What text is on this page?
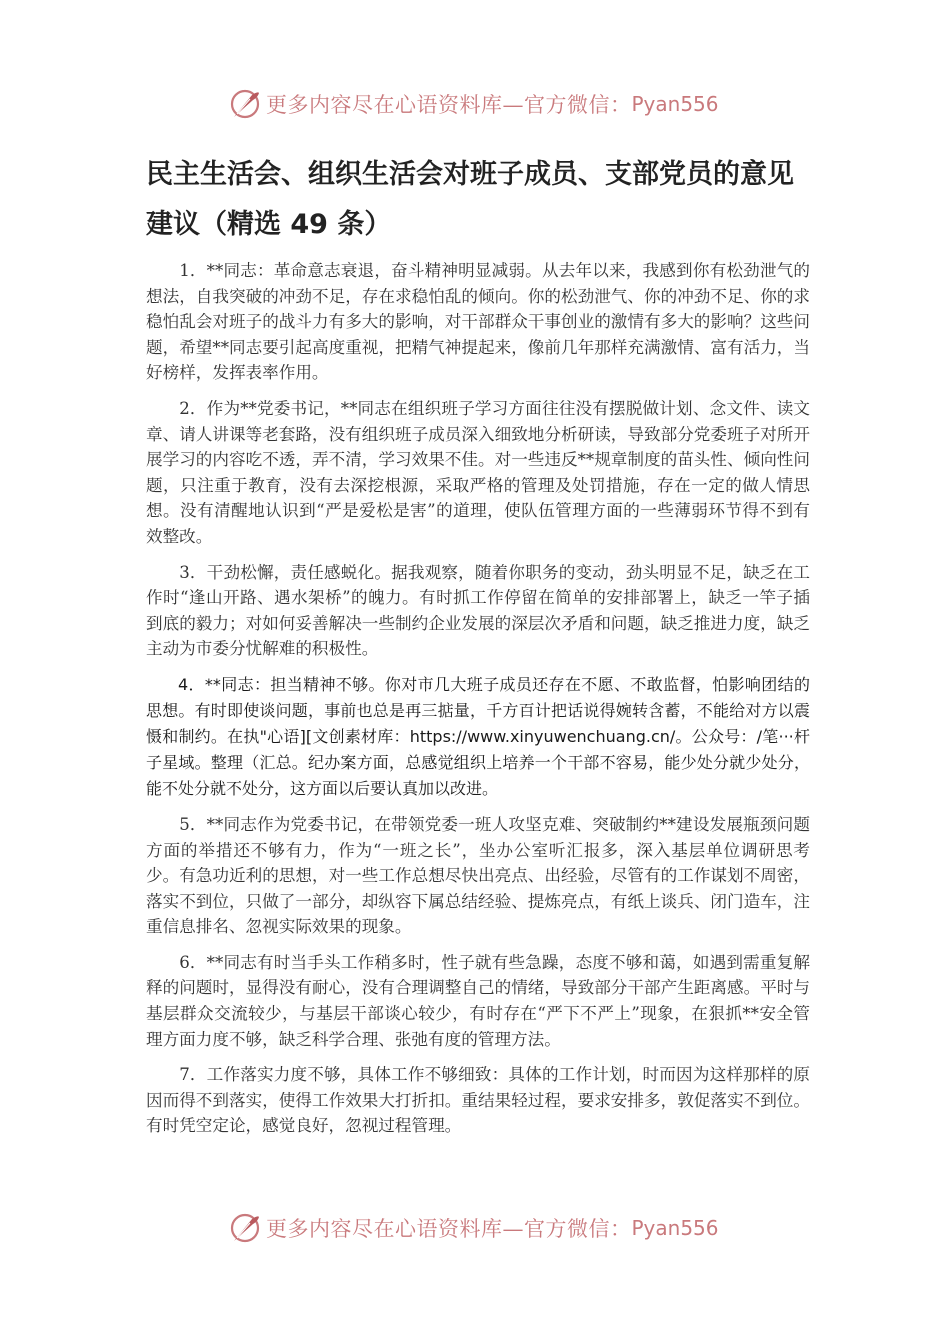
更多内容尽在心语资料库—官方微信： Pyan556
民主生活会、组织生活会对班子成员、支部党员的意见建议（精选 49 条）

1．**同志：革命意志衰退，奋斗精神明显减弱。从去年以来，我感到你有松劲泄气的想法，自我突破的冲劲不足，存在求稳怕乱的倾向。你的松劲泄气、你的冲劲不足、你的求稳怕乱会对班子的战斗力有多大的影响，对干部群众干事创业的激情有多大的影响？这些问题，希望**同志要引起高度重视，把精气神提起来，像前几年那样充满激情、富有活力，当好榜样，发挥表率作用。

2．作为**党委书记，**同志在组织班子学习方面往往没有摆脱做计划、念文件、读文章、请人讲课等老套路，没有组织班子成员深入细致地分析研读，导致部分党委班子对所开展学习的内容吃不透，弄不清，学习效果不佳。对一些违反**规章制度的苗头性、倾向性问题，只注重于教育，没有去深挖根源，采取严格的管理及处罚措施，存在一定的做人情思想。没有清醒地认识到“严是爱松是害”的道理，使队伍管理方面的一些薄弱环节得不到有效整改。

3．干劲松懈，责任感蜕化。据我观察，随着你职务的变动，劲头明显不足，缺乏在工作时“逢山开路、遇水架桥”的魄力。有时抓工作停留在简单的安排部署上，缺乏一竿子插到底的毅力；对如何妥善解决一些制约企业发展的深层次矛盾和问题，缺乏推进力度，缺乏主动为市委分忧解难的积极性。

4．**同志：担当精神不够。你对市几大班子成员还存在不愿、不敢监督，怕影响团结的思想。有时即使谈问题，事前也总是再三掂量，千方百计把话说得婉转含蓄，不能给对方以震慑和制约。在执"心语][文创素材库：https://www.xinyuwenchuang.cn/。公众号：/笔···杆子星域。整理（汇总。纪办案方面，总感觉组织上培养一个干部不容易，能少处分就少处分，能不处分就不处分，这方面以后要认真加以改进。

5．**同志作为党委书记，在带领党委一班人攻坚克难、突破制约**建设发展瓶颈问题方面的举措还不够有力，作为“一班之长”，坐办公室听汇报多，深入基层单位调研思考少。有急功近利的思想，对一些工作总想尽快出亮点、出经验，尽管有的工作谋划不周密，落实不到位，只做了一部分，却纵容下属总结经验、提炼亮点，有纸上谈兵、闭门造车，注重信息排名、忽视实际效果的现象。

6．**同志有时当手头工作稍多时，性子就有些急躁，态度不够和蔼，如遇到需重复解释的问题时，显得没有耐心，没有合理调整自己的情绪，导致部分干部产生距离感。平时与基层群众交流较少，与基层干部谈心较少，有时存在“严下不严上”现象，在狠抓**安全管理方面力度不够，缺乏科学合理、张弛有度的管理方法。

7．工作落实力度不够，具体工作不够细致：具体的工作计划，时而因为这样那样的原因而得不到落实，使得工作效果大打折扣。重结果轻过程，要求安排多，敦促落实不到位。有时凭空定论，感觉良好，忽视过程管理。

更多内容尽在心语资料库—官方微信： Pyan556
